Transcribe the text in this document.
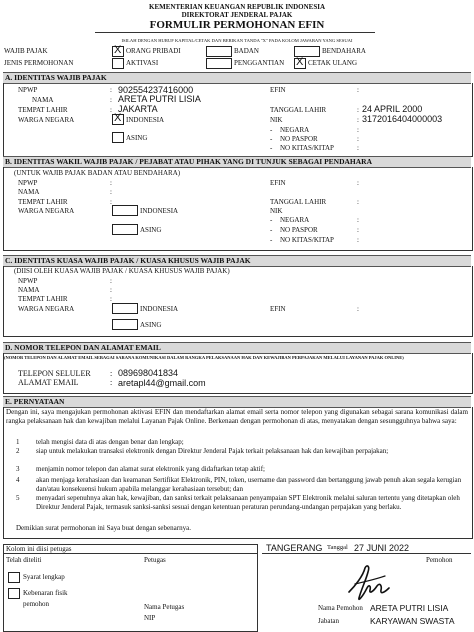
KEMENTERIAN KEUANGAN REPUBLIK INDONESIA
DIREKTORAT JENDERAL PAJAK
FORMULIR PERMOHONAN EFIN
ISILAH DENGAN HURUF KAPITAL/CETAK DAN BERIKAN TANDA "X" PADA KOLOM JAWABAN YANG SESUAI
WAJIB PAJAK X	ORANG PRIBADI	BADAN	BENDAHARA
JENIS PERMOHONAN	AKTIVASI	PENGGANTIAN X	CETAK ULANG
A. IDENTITAS WAJIB PAJAK
NPWP	: 902554237416000	EFIN	:
NAMA	: ARETA PUTRI LISIA
TEMPAT LAHIR	: JAKARTA	TANGGAL LAHIR	: 24 APRIL 2000
WARGA NEGARA X	INDONESIA	NIK	: 3172016404000003
- NEGARA	:
ASING	- NO PASPOR	:
- NO KITAS/KITAP	:
B. IDENTITAS WAKIL WAJIB PAJAK / PEJABAT ATAU PIHAK YANG DI TUNJUK SEBAGAI PENDAHARA
(UNTUK WAJIB PAJAK BADAN ATAU BENDAHARA)
NPWP	:	EFIN	:
NAMA	:
TEMPAT LAHIR	:	TANGGAL LAHIR	:
WARGA NEGARA	INDONESIA	NIK
- NEGARA	:
ASING	- NO PASPOR	:
- NO KITAS/KITAP	:
C. IDENTITAS KUASA WAJIB PAJAK / KUASA KHUSUS WAJIB PAJAK
(DIISI OLEH KUASA WAJIB PAJAK / KUASA KHUSUS WAJIB PAJAK)
NPWP	:
NAMA	:
TEMPAT LAHIR	:
WARGA NEGARA	INDONESIA	EFIN	:
ASING
D. NOMOR TELEPON DAN ALAMAT EMAIL
(NOMOR TELEPON DAN ALAMAT EMAIL SEBAGAI SARANA KOMUNIKASI DALAM RANGKA PELAKSANAAN HAK DAN KEWAJIBAN PERPAJAKAN MELALUI LAYANAN PAJAK ONLINE)
TELEPON SELULER : 089698041834
ALAMAT EMAIL	: aretapl44@gmail.com
E. PERNYATAAN
Dengan ini, saya mengajukan permohonan aktivasi EFIN dan mendaftarkan alamat email serta nomor telepon yang digunakan sebagai sarana komunikasi dalam rangka pelaksanaan hak dan kewajiban melalui Layanan Pajak Online. Berkenaan dengan permohonan di atas, menyatakan dengan sesungguhnya bahwa saya:
1 telah mengisi data di atas dengan benar dan lengkap;
2 siap untuk melakukan transaksi elektronik dengan Direktur Jenderal Pajak terkait pelaksanaan hak dan kewajiban perpajakan;
3 menjamin nomor telepon dan alamat surat elektronik yang didaftarkan tetap aktif;
4 akan menjaga kerahasiaan dan keamanan Sertifikat Elektronik, PIN, token, username dan password dan bertanggung jawab penuh akan segala kerugian dan/atau konsekuensi hukum apabila melanggar kerahasiaan tersebut; dan
5 menyadari sepenuhnya akan hak, kewajiban, dan sanksi terkait pelaksanaan penyampaian SPT Elektronik melalui saluran tertentu yang ditetapkan oleh Direktur Jenderal Pajak, termasuk sanksi-sanksi sesuai dengan ketentuan peraturan perundang-undangan perpajakan yang berlaku.
Demikian surat permohonan ini Saya buat dengan sebenarnya.
Kolom ini diisi petugas
Telah diteliti	Petugas
Syarat lengkap
Kebenaran fisik
pemohon	Nama Petugas
NIP
TANGERANG Tanggal 27 JUNI 2022
Pemohon
Nama Pemohon ARETA PUTRI LISIA
Jabatan	KARYAWAN SWASTA
